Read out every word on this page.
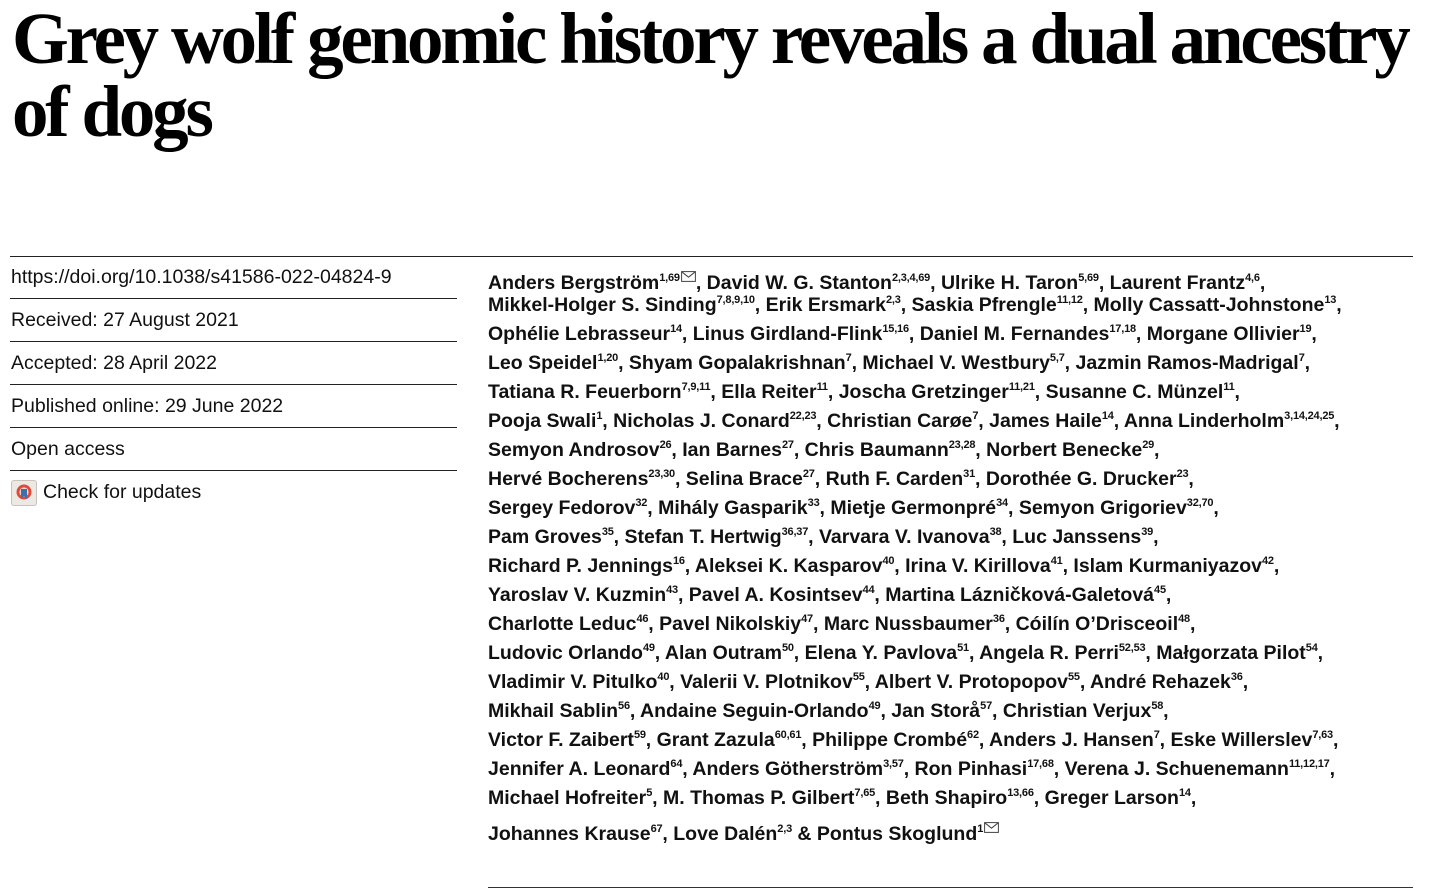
Grey wolf genomic history reveals a dual ancestry of dogs
https://doi.org/10.1038/s41586-022-04824-9
Received: 27 August 2021
Accepted: 28 April 2022
Published online: 29 June 2022
Open access
Check for updates
Anders Bergström$^{1,69}$ , David W. G. Stanton$^{2,3,4,69}$, Ulrike H. Taron$^{5,69}$, Laurent Frantz$^{4,6}$,
Mikkel-Holger S. Sinding$^{7,8,9,10}$, Erik Ersmark$^{2,3}$, Saskia Pfrengle$^{11,12}$, Molly Cassatt-Johnstone$^{13}$,
Ophélie Lebrasseur$^{14}$, Linus Girdland-Flink$^{15,16}$, Daniel M. Fernandes$^{17,18}$, Morgane Ollivier$^{19}$,
Leo Speidel$^{1,20}$, Shyam Gopalakrishnan$^7$, Michael V. Westbury$^{5,7}$, Jazmin Ramos-Madrigal$^7$,
Tatiana R. Feuerborn$^{7,9,11}$, Ella Reiter$^{11}$, Joscha Gretzinger$^{11,21}$, Susanne C. Münzel$^{11}$,
Pooja Swali$^1$, Nicholas J. Conard$^{22,23}$, Christian Carøe$^7$, James Haile$^{14}$, Anna Linderholm$^{3,14,24,25}$,
Semyon Androsov$^{26}$, Ian Barnes$^{27}$, Chris Baumann$^{23,28}$, Norbert Benecke$^{29}$,
Hervé Bocherens$^{23,30}$, Selina Brace$^{27}$, Ruth F. Carden$^{31}$, Dorothée G. Drucker$^{23}$,
Sergey Fedorov$^{32}$, Mihály Gasparik$^{33}$, Mietje Germonpré$^{34}$, Semyon Grigoriev$^{32,70}$,
Pam Groves$^{35}$, Stefan T. Hertwig$^{36,37}$, Varvara V. Ivanova$^{38}$, Luc Janssens$^{39}$,
Richard P. Jennings$^{16}$, Aleksei K. Kasparov$^{40}$, Irina V. Kirillova$^{41}$, Islam Kurmaniyazov$^{42}$,
Yaroslav V. Kuzmin$^{43}$, Pavel A. Kosintsev$^{44}$, Martina Lázničková-Galetová$^{45}$,
Charlotte Leduc$^{46}$, Pavel Nikolskiy$^{47}$, Marc Nussbaumer$^{36}$, Cóilín O’Drisceoil$^{48}$,
Ludovic Orlando$^{49}$, Alan Outram$^{50}$, Elena Y. Pavlova$^{51}$, Angela R. Perri$^{52,53}$, Małgorzata Pilot$^{54}$,
Vladimir V. Pitulko$^{40}$, Valerii V. Plotnikov$^{55}$, Albert V. Protopopov$^{55}$, André Rehazek$^{36}$,
Mikhail Sablin$^{56}$, Andaine Seguin-Orlando$^{49}$, Jan Storå$^{57}$, Christian Verjux$^{58}$,
Victor F. Zaibert$^{59}$, Grant Zazula$^{60,61}$, Philippe Crombé$^{62}$, Anders J. Hansen$^7$, Eske Willerslev$^{7,63}$,
Jennifer A. Leonard$^{64}$, Anders Götherström$^{3,57}$, Ron Pinhasi$^{17,68}$, Verena J. Schuenemann$^{11,12,17}$,
Michael Hofreiter$^5$, M. Thomas P. Gilbert$^{7,65}$, Beth Shapiro$^{13,66}$, Greger Larson$^{14}$,
Johannes Krause$^{67}$, Love Dalén$^{2,3}$ & Pontus Skoglund$^1$
